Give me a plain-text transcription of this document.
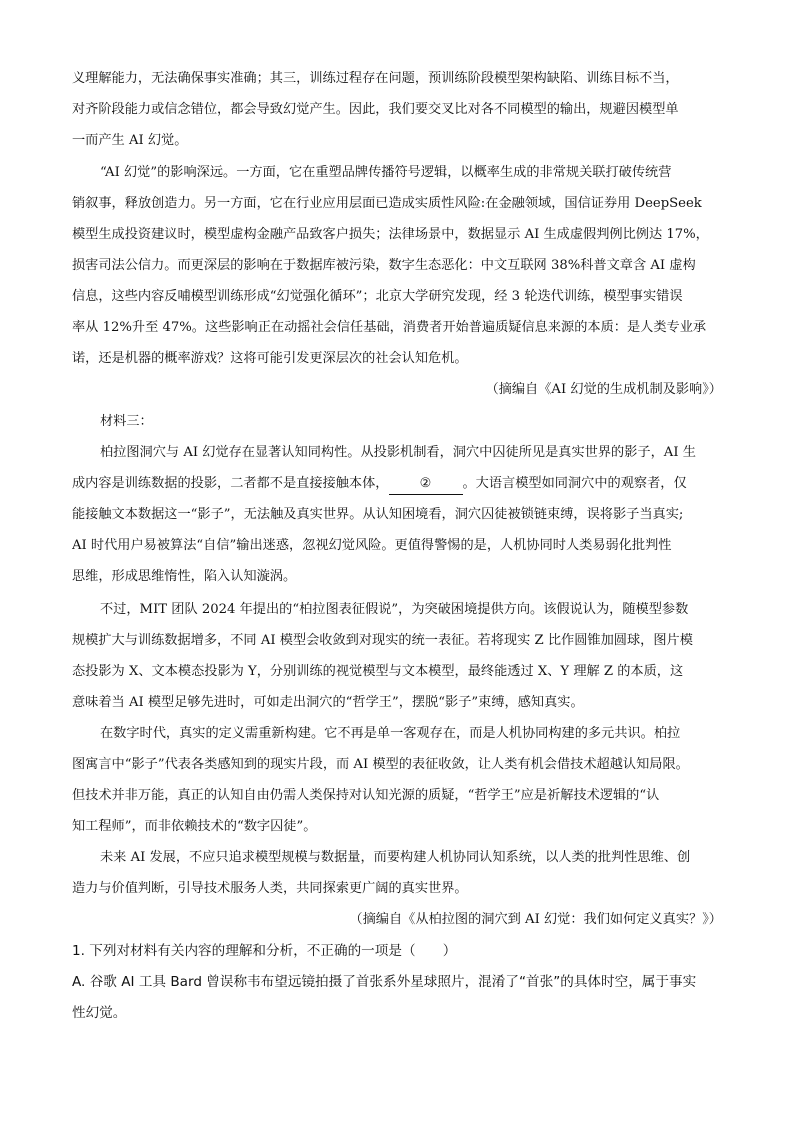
义理解能力，无法确保事实准确；其三，训练过程存在问题，预训练阶段模型架构缺陷、训练目标不当，
对齐阶段能力或信念错位，都会导致幻觉产生。因此，我们要交叉比对各不同模型的输出，规避因模型单
一而产生 AI 幻觉。
“AI 幻觉”的影响深远。一方面，它在重塑品牌传播符号逻辑，以概率生成的非常规关联打破传统营
销叙事，释放创造力。另一方面，它在行业应用层面已造成实质性风险:在金融领域，国信证券用 DeepSeek
模型生成投资建议时，模型虚构金融产品致客户损失；法律场景中，数据显示 AI 生成虚假判例比例达 17%，
损害司法公信力。而更深层的影响在于数据库被污染，数字生态恶化：中文互联网 38%科普文章含 AI 虚构
信息，这些内容反哺模型训练形成“幻觉强化循环”；北京大学研究发现，经 3 轮迭代训练，模型事实错误
率从 12%升至 47%。这些影响正在动摇社会信任基础，消费者开始普遍质疑信息来源的本质：是人类专业承
诺，还是机器的概率游戏？这将可能引发更深层次的社会认知危机。
（摘编自《AI 幻觉的生成机制及影响》）
材料三：
柏拉图洞穴与 AI 幻觉存在显著认知同构性。从投影机制看，洞穴中囚徒所见是真实世界的影子，AI 生
成内容是训练数据的投影，二者都不是直接接触本体， ② 。大语言模型如同洞穴中的观察者，仅
能接触文本数据这一“影子”，无法触及真实世界。从认知困境看，洞穴囚徒被锁链束缚，误将影子当真实;
AI 时代用户易被算法“自信”输出迷惑，忽视幻觉风险。更值得警惕的是，人机协同时人类易弱化批判性
思维，形成思维惰性，陷入认知漩涡。
不过，MIT 团队 2024 年提出的“柏拉图表征假说”，为突破困境提供方向。该假说认为，随模型参数
规模扩大与训练数据增多，不同 AI 模型会收敛到对现实的统一表征。若将现实 Z 比作圆锥加圆球，图片模
态投影为 X、文本模态投影为 Y，分别训练的视觉模型与文本模型，最终能透过 X、Y 理解 Z 的本质，这
意味着当 AI 模型足够先进时，可如走出洞穴的“哲学王”，摆脱“影子”束缚，感知真实。
在数字时代，真实的定义需重新构建。它不再是单一客观存在，而是人机协同构建的多元共识。柏拉
图寓言中“影子”代表各类感知到的现实片段，而 AI 模型的表征收敛，让人类有机会借技术超越认知局限。
但技术并非万能，真正的认知自由仍需人类保持对认知光源的质疑，“哲学王”应是祈解技术逻辑的“认
知工程师”，而非依赖技术的“数字囚徒”。
未来 AI 发展，不应只追求模型规模与数据量，而要构建人机协同认知系统，以人类的批判性思维、创
造力与价值判断，引导技术服务人类，共同探索更广阔的真实世界。
（摘编自《从柏拉图的洞穴到 AI 幻觉：我们如何定义真实？》）
1. 下列对材料有关内容的理解和分析，不正确的一项是（　　）
A. 谷歌 AI 工具 Bard 曾误称韦布望远镜拍摄了首张系外星球照片，混淆了“首张”的具体时空，属于事实
性幻觉。
